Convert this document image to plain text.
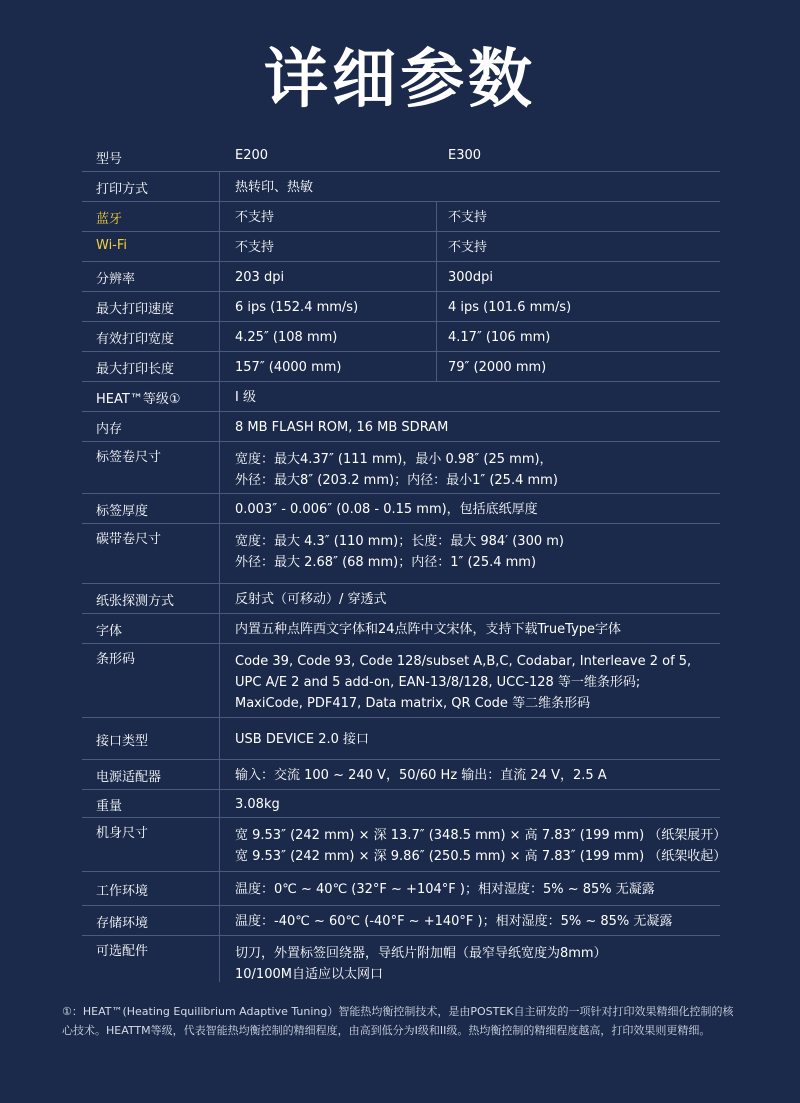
详细参数
型号	E200	E300
打印方式	热转印、热敏
蓝牙	不支持	不支持
Wi-Fi	不支持	不支持
分辨率	203 dpi	300dpi
最大打印速度	6 ips (152.4 mm/s)	4 ips (101.6 mm/s)
有效打印宽度	4.25″ (108 mm)	4.17″ (106 mm)
最大打印长度	157″ (4000 mm)	79″ (2000 mm)
HEAT™等级①	I 级
内存	8 MB FLASH ROM, 16 MB SDRAM
标签卷尺寸	宽度：最大4.37″ (111 mm)，最小 0.98″ (25 mm)，
外径：最大8″ (203.2 mm)；内径：最小1″ (25.4 mm)
标签厚度	0.003″ - 0.006″ (0.08 - 0.15 mm)，包括底纸厚度
碳带卷尺寸	宽度：最大 4.3″ (110 mm)；长度：最大 984′ (300 m)
外径：最大 2.68″ (68 mm)；内径：1″ (25.4 mm)
纸张探测方式	反射式（可移动）/ 穿透式
字体	内置五种点阵西文字体和24点阵中文宋体，支持下载TrueType字体
条形码	Code 39, Code 93, Code 128/subset A,B,C, Codabar, Interleave 2 of 5,
UPC A/E 2 and 5 add-on, EAN-13/8/128, UCC-128 等一维条形码;
MaxiCode, PDF417, Data matrix, QR Code 等二维条形码
接口类型	USB DEVICE 2.0 接口
电源适配器	输入：交流 100 ~ 240 V，50/60 Hz 输出：直流 24 V，2.5 A
重量	3.08kg
机身尺寸	宽 9.53″ (242 mm) × 深 13.7″ (348.5 mm) × 高 7.83″ (199 mm) （纸架展开）
宽 9.53″ (242 mm) × 深 9.86″ (250.5 mm) × 高 7.83″ (199 mm) （纸架收起）
工作环境	温度：0℃ ~ 40℃ (32°F ~ +104°F )；相对湿度：5% ~ 85% 无凝露
存储环境	温度：-40℃ ~ 60℃ (-40°F ~ +140°F )；相对湿度：5% ~ 85% 无凝露
可选配件	切刀，外置标签回绕器，导纸片附加帽（最窄导纸宽度为8mm）
10/100M自适应以太网口
①：HEAT™(Heating Equilibrium Adaptive Tuning）智能热均衡控制技术，是由POSTEK自主研发的一项针对打印效果精细化控制的核心技术。HEATTM等级，代表智能热均衡控制的精细程度，由高到低分为I级和II级。热均衡控制的精细程度越高，打印效果则更精细。
